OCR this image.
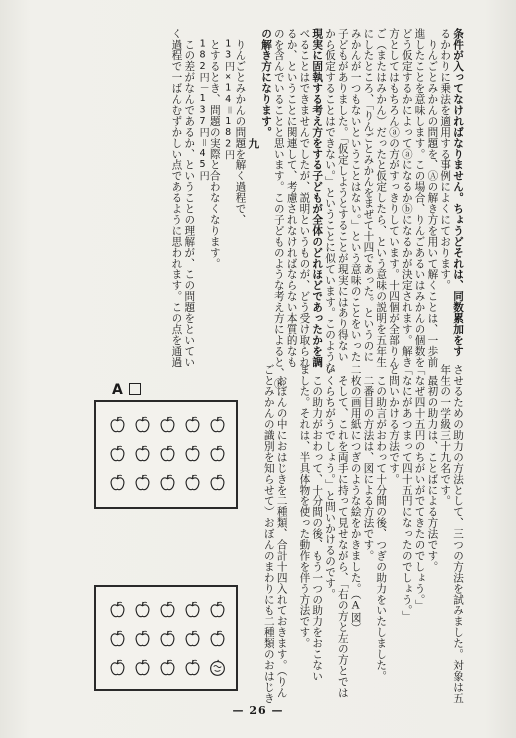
条件が入ってなければなりません。ちょうどそれは、同数累加をす
るかわりに乗法を適用する事例によくにております。
　りんごとみかんの問題を、Ⓐの解き方を用いて解くことは、一歩前
進したことを意味します。この場合、りんごあるいはみかんの個数を
どう仮定するかによってⓐになるかⓑになるかが決定されます。解き
方としてはもちろんⓐの方がすっきりしています。十四個が全部りん
ご（またはみかん）だったと仮定したら、という意味の説明を五年生
にしたところ、「りんごとみかんをまぜて十四であった。というのに
みかんが一つもないということはない。」という意味のことをいった
子どもがありました。「仮定しようとすることが現実にはあり得ない
から仮定することはできない。」ということに似ています。このような
現実に固執する考え方をする子どもが全体のどれほどであったかを調
べることはできませんでしたが、説明というものが、どう受け取られ
るか、ということに関連して、考慮されなければならない本質的なも
のを含んでいることと思います。この子どものような考え方によると、Ⓑ
の解き方になります。
九
　りんごとみかんの問題を解く過程で、
　13円×14＝182円
　とするとき、問題の実際と合わなくなります。
　182円－137円＝45円
　この差がなんであるか、ということの理解が、この問題をといてい
く過程で一ばんむずかしい点であるように思われます。この点を通過
させるための助力の方法として、三つの方法を試みました。対象は五
年生の一学級三十九名です。
　最初の助力は、ことばによる方法です。
「なぜ四十五円のちがいがでてきたのでしょう。」
「なにがあつまって四十五円になったのでしょう。」
と問いかける方法です。
　この助言がおわって十分間の後、つぎの助力をいたしました。
　二番目の方法は、図による方法です。
二枚の画用紙につぎのような絵をかきました。（A図）
　そして、これを両手に持って見せながら、「右の方と左の方とでは
いくらちがうでしょう。」と問いかけるのです。
　この助力がおわって、十分間の後、もう一つの助力をおこない
ました。それは、半具体物を使った動作を伴う方法です。
　おぼんの中におはじきを二種類、合計十四入れておきます。（りん
ごとみかんの識別を知らせて）おぼんのまわりにも二種類のおはじき
A
— 26 —
